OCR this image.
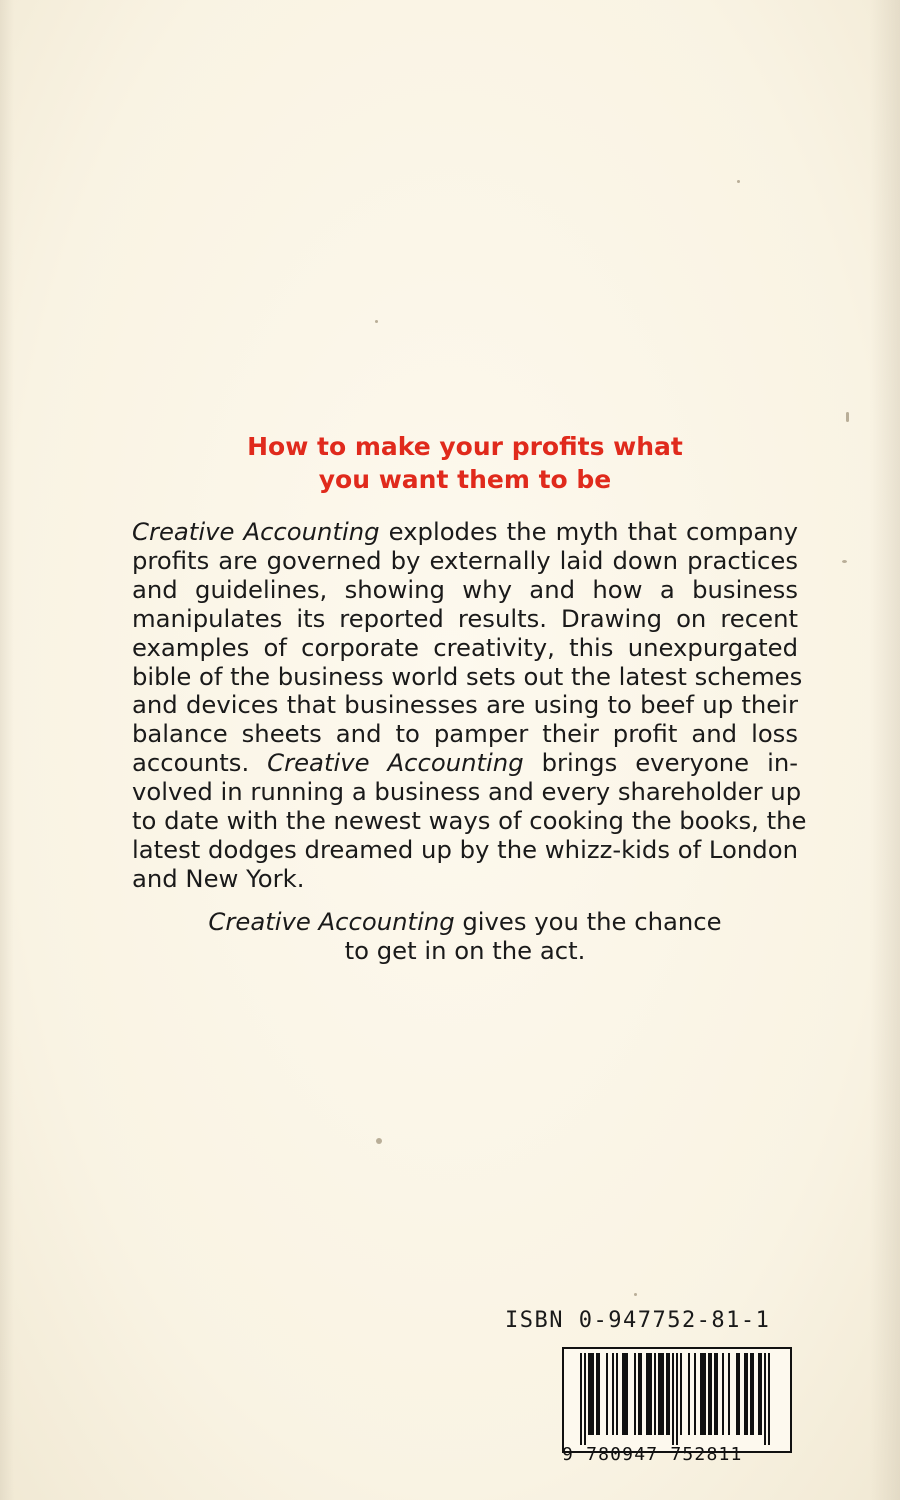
How to make your profits what
you want them to be
Creative Accounting explodes the myth that company
profits are governed by externally laid down practices
and guidelines, showing why and how a business
manipulates its reported results. Drawing on recent
examples of corporate creativity, this unexpurgated
bible of the business world sets out the latest schemes
and devices that businesses are using to beef up their
balance sheets and to pamper their profit and loss
accounts. Creative Accounting brings everyone in-
volved in running a business and every shareholder up
to date with the newest ways of cooking the books, the
latest dodges dreamed up by the whizz-kids of London
and New York.
Creative Accounting gives you the chance
to get in on the act.
ISBN 0-947752-81-1
9 780947 752811
